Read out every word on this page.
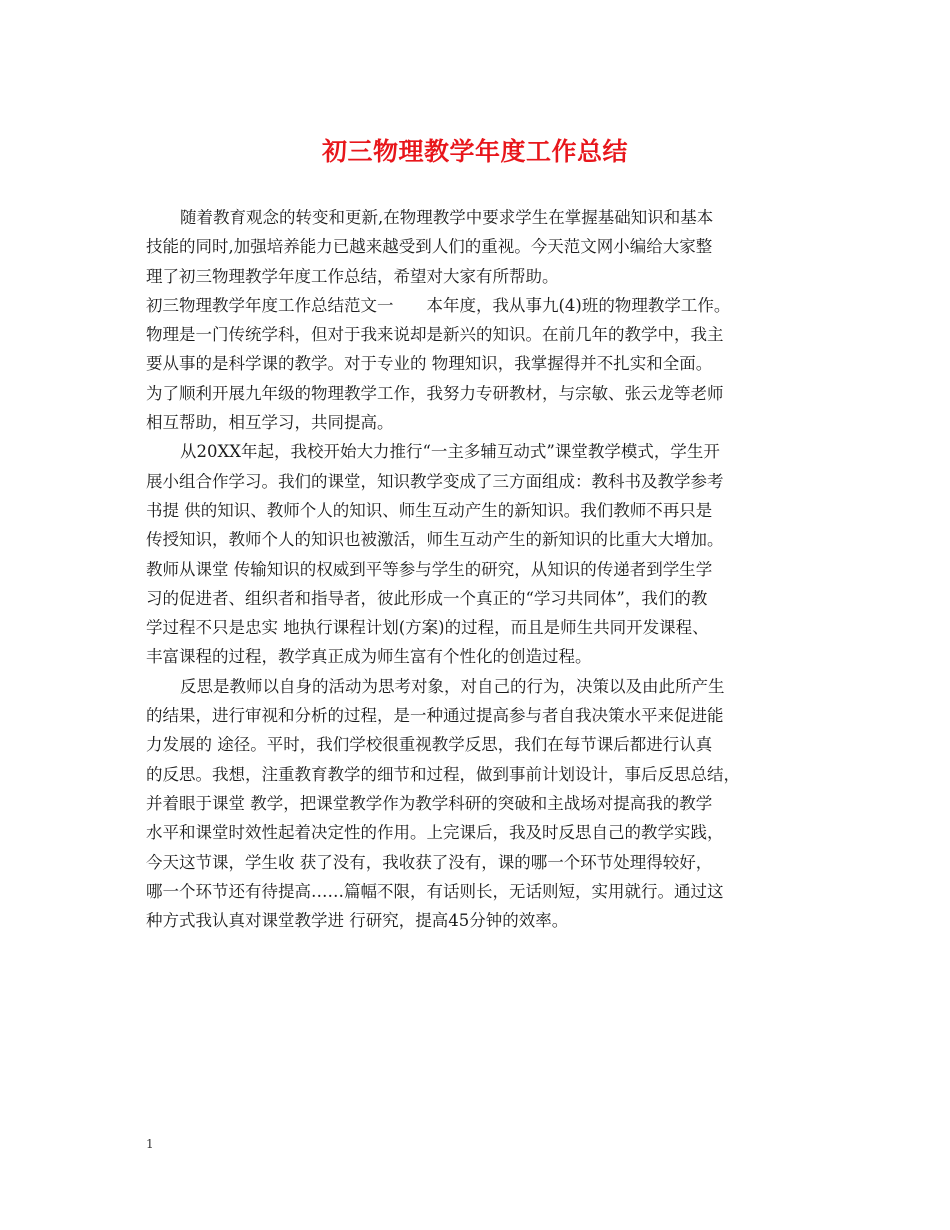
初三物理教学年度工作总结
随着教育观念的转变和更新,在物理教学中要求学生在掌握基础知识和基本
技能的同时,加强培养能力已越来越受到人们的重视。今天范文网小编给大家整
理了初三物理教学年度工作总结，希望对大家有所帮助。
初三物理教学年度工作总结范文一　　本年度，我从事九(4)班的物理教学工作。
物理是一门传统学科，但对于我来说却是新兴的知识。在前几年的教学中，我主
要从事的是科学课的教学。对于专业的 物理知识，我掌握得并不扎实和全面。
为了顺利开展九年级的物理教学工作，我努力专研教材，与宗敏、张云龙等老师
相互帮助，相互学习，共同提高。
从20XX年起，我校开始大力推行“一主多辅互动式”课堂教学模式，学生开
展小组合作学习。我们的课堂，知识教学变成了三方面组成：教科书及教学参考
书提 供的知识、教师个人的知识、师生互动产生的新知识。我们教师不再只是
传授知识，教师个人的知识也被激活，师生互动产生的新知识的比重大大增加。
教师从课堂 传输知识的权威到平等参与学生的研究，从知识的传递者到学生学
习的促进者、组织者和指导者，彼此形成一个真正的“学习共同体”，我们的教
学过程不只是忠实 地执行课程计划(方案)的过程，而且是师生共同开发课程、
丰富课程的过程，教学真正成为师生富有个性化的创造过程。
反思是教师以自身的活动为思考对象，对自己的行为，决策以及由此所产生
的结果，进行审视和分析的过程，是一种通过提高参与者自我决策水平来促进能
力发展的 途径。平时，我们学校很重视教学反思，我们在每节课后都进行认真
的反思。我想，注重教育教学的细节和过程，做到事前计划设计，事后反思总结，
并着眼于课堂 教学，把课堂教学作为教学科研的突破和主战场对提高我的教学
水平和课堂时效性起着决定性的作用。上完课后，我及时反思自己的教学实践，
今天这节课，学生收 获了没有，我收获了没有，课的哪一个环节处理得较好，
哪一个环节还有待提高……篇幅不限，有话则长，无话则短，实用就行。通过这
种方式我认真对课堂教学进 行研究，提高45分钟的效率。
1
